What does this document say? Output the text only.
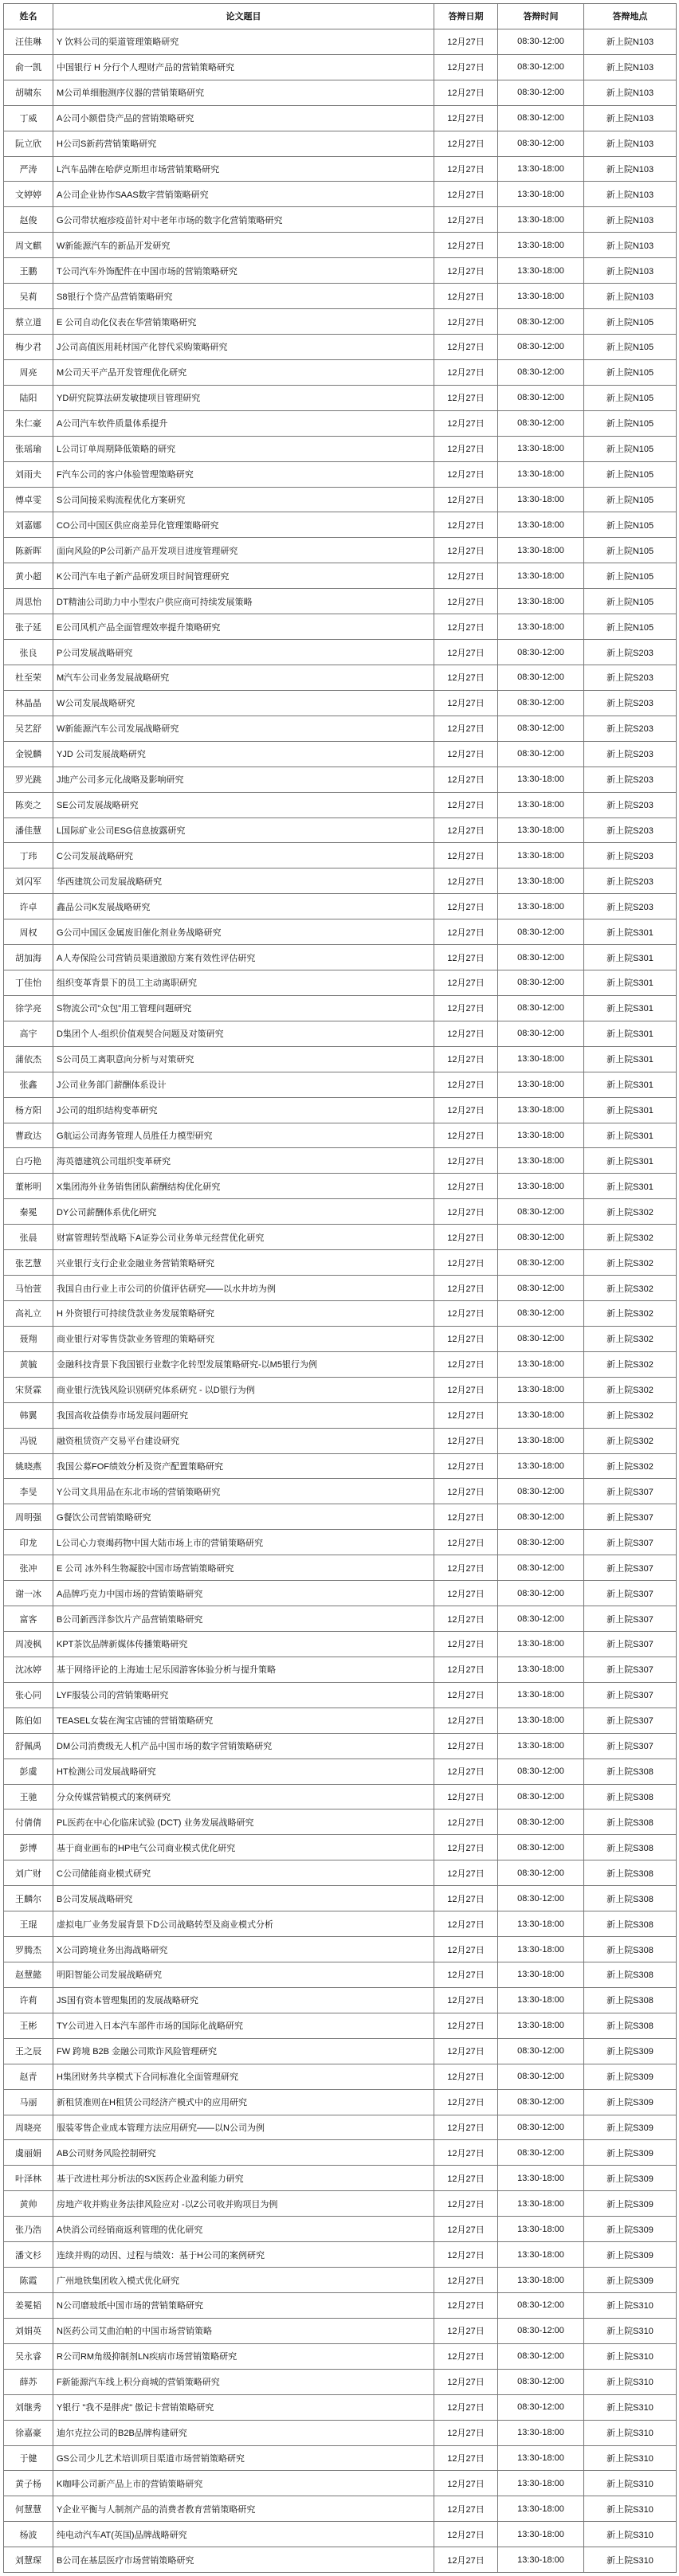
姓名	论文题目	答辩日期	答辩时间	答辩地点
汪佳琳	Y 饮料公司的渠道管理策略研究	12月27日	08:30-12:00	新上院N103
俞一凯	中国银行 H 分行个人理财产品的营销策略研究	12月27日	08:30-12:00	新上院N103
胡啸东	M公司单细胞测序仪器的营销策略研究	12月27日	08:30-12:00	新上院N103
丁威	A公司小额借贷产品的营销策略研究	12月27日	08:30-12:00	新上院N103
阮立欣	H公司S新药营销策略研究	12月27日	08:30-12:00	新上院N103
严涛	L汽车品牌在哈萨克斯坦市场营销策略研究	12月27日	13:30-18:00	新上院N103
文婷婷	A公司企业协作SAAS数字营销策略研究	12月27日	13:30-18:00	新上院N103
赵俊	G公司带状疱疹疫苗针对中老年市场的数字化营销策略研究	12月27日	13:30-18:00	新上院N103
周文麒	W新能源汽车的新品开发研究	12月27日	13:30-18:00	新上院N103
王鹏	T公司汽车外饰配件在中国市场的营销策略研究	12月27日	13:30-18:00	新上院N103
吴莉	S8银行个贷产品营销策略研究	12月27日	13:30-18:00	新上院N103
蔡立道	E 公司自动化仪表在华营销策略研究	12月27日	08:30-12:00	新上院N105
梅少君	J公司高值医用耗材国产化替代采购策略研究	12月27日	08:30-12:00	新上院N105
周亮	M公司天平产品开发管理优化研究	12月27日	08:30-12:00	新上院N105
陆阳	YD研究院算法研发敏捷项目管理研究	12月27日	08:30-12:00	新上院N105
朱仁豪	A公司汽车软件质量体系提升	12月27日	08:30-12:00	新上院N105
张瑶瑜	L公司订单周期降低策略的研究	12月27日	13:30-18:00	新上院N105
刘雨夫	F汽车公司的客户体验管理策略研究	12月27日	13:30-18:00	新上院N105
傅卓雯	S公司间接采购流程优化方案研究	12月27日	13:30-18:00	新上院N105
刘嘉娜	CO公司中国区供应商差异化管理策略研究	12月27日	13:30-18:00	新上院N105
陈新晖	面向风险的P公司新产品开发项目进度管理研究	12月27日	13:30-18:00	新上院N105
黄小超	K公司汽车电子新产品研发项目时间管理研究	12月27日	13:30-18:00	新上院N105
周思怡	DT精油公司助力中小型农户供应商可持续发展策略	12月27日	13:30-18:00	新上院N105
张子延	E公司风机产品全面管理效率提升策略研究	12月27日	13:30-18:00	新上院N105
张良	P公司发展战略研究	12月27日	08:30-12:00	新上院S203
杜至荣	M汽车公司业务发展战略研究	12月27日	08:30-12:00	新上院S203
林晶晶	W公司发展战略研究	12月27日	08:30-12:00	新上院S203
吴艺舒	W新能源汽车公司发展战略研究	12月27日	08:30-12:00	新上院S203
金锐麟	YJD 公司发展战略研究	12月27日	08:30-12:00	新上院S203
罗光跳	J地产公司多元化战略及影响研究	12月27日	13:30-18:00	新上院S203
陈奕之	SE公司发展战略研究	12月27日	13:30-18:00	新上院S203
潘佳慧	L国际矿业公司ESG信息披露研究	12月27日	13:30-18:00	新上院S203
丁玮	C公司发展战略研究	12月27日	13:30-18:00	新上院S203
刘闪军	华西建筑公司发展战略研究	12月27日	13:30-18:00	新上院S203
许卓	鑫品公司K发展战略研究	12月27日	13:30-18:00	新上院S203
周权	G公司中国区金属废旧催化剂业务战略研究	12月27日	08:30-12:00	新上院S301
胡加海	A人寿保险公司营销员渠道激励方案有效性评估研究	12月27日	08:30-12:00	新上院S301
丁佳怡	组织变革背景下的员工主动离职研究	12月27日	08:30-12:00	新上院S301
徐学亮	S物流公司"众包"用工管理问题研究	12月27日	08:30-12:00	新上院S301
高宇	D集团个人-组织价值观契合问题及对策研究	12月27日	08:30-12:00	新上院S301
蒲依杰	S公司员工离职意向分析与对策研究	12月27日	13:30-18:00	新上院S301
张鑫	J公司业务部门薪酬体系设计	12月27日	13:30-18:00	新上院S301
杨方阳	J公司的组织结构变革研究	12月27日	13:30-18:00	新上院S301
曹政达	G航运公司海务管理人员胜任力模型研究	12月27日	13:30-18:00	新上院S301
白巧艳	海英德建筑公司组织变革研究	12月27日	13:30-18:00	新上院S301
董彬明	X集团海外业务销售团队薪酬结构优化研究	12月27日	13:30-18:00	新上院S301
秦冕	DY公司薪酬体系优化研究	12月27日	08:30-12:00	新上院S302
张晨	财富管理转型战略下A证券公司业务单元经营优化研究	12月27日	08:30-12:00	新上院S302
张艺慧	兴业银行支行企业金融业务营销策略研究	12月27日	08:30-12:00	新上院S302
马怡萱	我国自由行业上市公司的价值评估研究——以水井坊为例	12月27日	08:30-12:00	新上院S302
高礼立	H 外资银行可持续贷款业务发展策略研究	12月27日	08:30-12:00	新上院S302
聂翔	商业银行对零售贷款业务管理的策略研究	12月27日	08:30-12:00	新上院S302
黄毓	金融科技背景下我国银行业数字化转型发展策略研究-以M5银行为例	12月27日	13:30-18:00	新上院S302
宋贤霖	商业银行洗钱风险识别研究体系研究 - 以D银行为例	12月27日	13:30-18:00	新上院S302
韩翼	我国高收益债券市场发展问题研究	12月27日	13:30-18:00	新上院S302
冯锐	融资租赁资产交易平台建设研究	12月27日	13:30-18:00	新上院S302
姚晓燕	我国公募FOF绩效分析及资产配置策略研究	12月27日	13:30-18:00	新上院S302
李旻	Y公司文具用品在东北市场的营销策略研究	12月27日	08:30-12:00	新上院S307
周明强	G餐饮公司营销策略研究	12月27日	08:30-12:00	新上院S307
印龙	L公司心力衰竭药物中国大陆市场上市的营销策略研究	12月27日	08:30-12:00	新上院S307
张冲	E 公司 冰外科生物凝胶中国市场营销策略研究	12月27日	08:30-12:00	新上院S307
谢一冰	A品牌巧克力中国市场的营销策略研究	12月27日	08:30-12:00	新上院S307
富客	B公司新西洋参饮片产品营销策略研究	12月27日	08:30-12:00	新上院S307
周凌枫	KPT茶饮品牌新媒体传播策略研究	12月27日	13:30-18:00	新上院S307
沈冰婷	基于网络评论的上海迪士尼乐园游客体验分析与提升策略	12月27日	13:30-18:00	新上院S307
张心同	LYF服装公司的营销策略研究	12月27日	13:30-18:00	新上院S307
陈伯如	TEASEL女装在淘宝店铺的营销策略研究	12月27日	13:30-18:00	新上院S307
舒佩禹	DM公司消费级无人机产品中国市场的数字营销策略研究	12月27日	13:30-18:00	新上院S307
彭虞	HT检测公司发展战略研究	12月27日	08:30-12:00	新上院S308
王驰	分众传媒营销模式的案例研究	12月27日	08:30-12:00	新上院S308
付倩倩	PL医药在中心化临床试验 (DCT) 业务发展战略研究	12月27日	08:30-12:00	新上院S308
彭博	基于商业画布的HP电气公司商业模式优化研究	12月27日	08:30-12:00	新上院S308
刘广财	C公司储能商业模式研究	12月27日	08:30-12:00	新上院S308
王麟尔	B公司发展战略研究	12月27日	08:30-12:00	新上院S308
王琨	虚拟电厂业务发展背景下D公司战略转型及商业模式分析	12月27日	13:30-18:00	新上院S308
罗腾杰	X公司跨境业务出海战略研究	12月27日	13:30-18:00	新上院S308
赵慧懿	明阳智能公司发展战略研究	12月27日	13:30-18:00	新上院S308
许莉	JS国有资本管理集团的发展战略研究	12月27日	13:30-18:00	新上院S308
王彬	TY公司进入日本汽车部件市场的国际化战略研究	12月27日	13:30-18:00	新上院S308
王之辰	FW 跨境 B2B 金融公司欺诈风险管理研究	12月27日	08:30-12:00	新上院S309
赵青	H集团财务共享模式下合同标准化全面管理研究	12月27日	08:30-12:00	新上院S309
马丽	新租赁准则在H租赁公司经济产模式中的应用研究	12月27日	08:30-12:00	新上院S309
周晓亮	服装零售企业成本管理方法应用研究——以N公司为例	12月27日	08:30-12:00	新上院S309
虞丽娟	AB公司财务风险控制研究	12月27日	08:30-12:00	新上院S309
叶泽林	基于改进杜邦分析法的SX医药企业盈利能力研究	12月27日	13:30-18:00	新上院S309
黄帅	房地产收并购业务法律风险应对 -以Z公司收并购项目为例	12月27日	13:30-18:00	新上院S309
张乃浩	A快消公司经销商返利管理的优化研究	12月27日	13:30-18:00	新上院S309
潘文杉	连续并购的动因、过程与绩效：基于H公司的案例研究	12月27日	13:30-18:00	新上院S309
陈霞	广州地铁集团收入模式优化研究	12月27日	13:30-18:00	新上院S309
姜冕韬	N公司磨玻纸中国市场的营销策略研究	12月27日	08:30-12:00	新上院S310
刘娟英	N医药公司艾曲泊帕的中国市场营销策略	12月27日	08:30-12:00	新上院S310
吴永睿	R公司RM角级抑制剂LN疾病市场营销策略研究	12月27日	08:30-12:00	新上院S310
薛苏	F新能源汽车线上积分商城的营销策略研究	12月27日	08:30-12:00	新上院S310
刘继秀	Y银行 "我不是胖虎" 傲记卡营销策略研究	12月27日	08:30-12:00	新上院S310
徐嘉豪	迪尔克拉公司的B2B品牌构建研究	12月27日	13:30-18:00	新上院S310
于健	GS公司少儿艺术培训项目渠道市场营销策略研究	12月27日	13:30-18:00	新上院S310
黄子杨	K咖啡公司新产品上市的营销策略研究	12月27日	13:30-18:00	新上院S310
何慧慧	Y企业平衡与人制剂产品的消费者教育营销策略研究	12月27日	13:30-18:00	新上院S310
杨波	纯电动汽车AT(英国)品牌战略研究	12月27日	13:30-18:00	新上院S310
刘慧琛	B公司在基层医疗市场营销策略研究	12月27日	13:30-18:00	新上院S310
